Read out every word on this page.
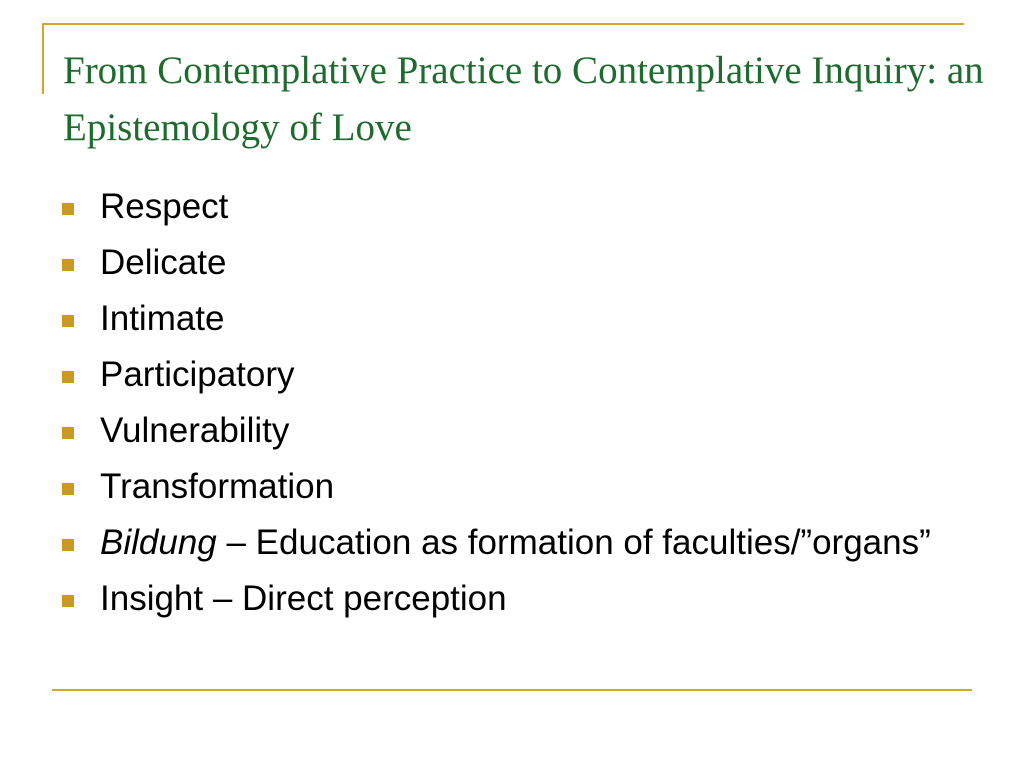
From Contemplative Practice to Contemplative Inquiry: an Epistemology of Love
Respect
Delicate
Intimate
Participatory
Vulnerability
Transformation
Bildung – Education as formation of faculties/”organs”
Insight – Direct perception
